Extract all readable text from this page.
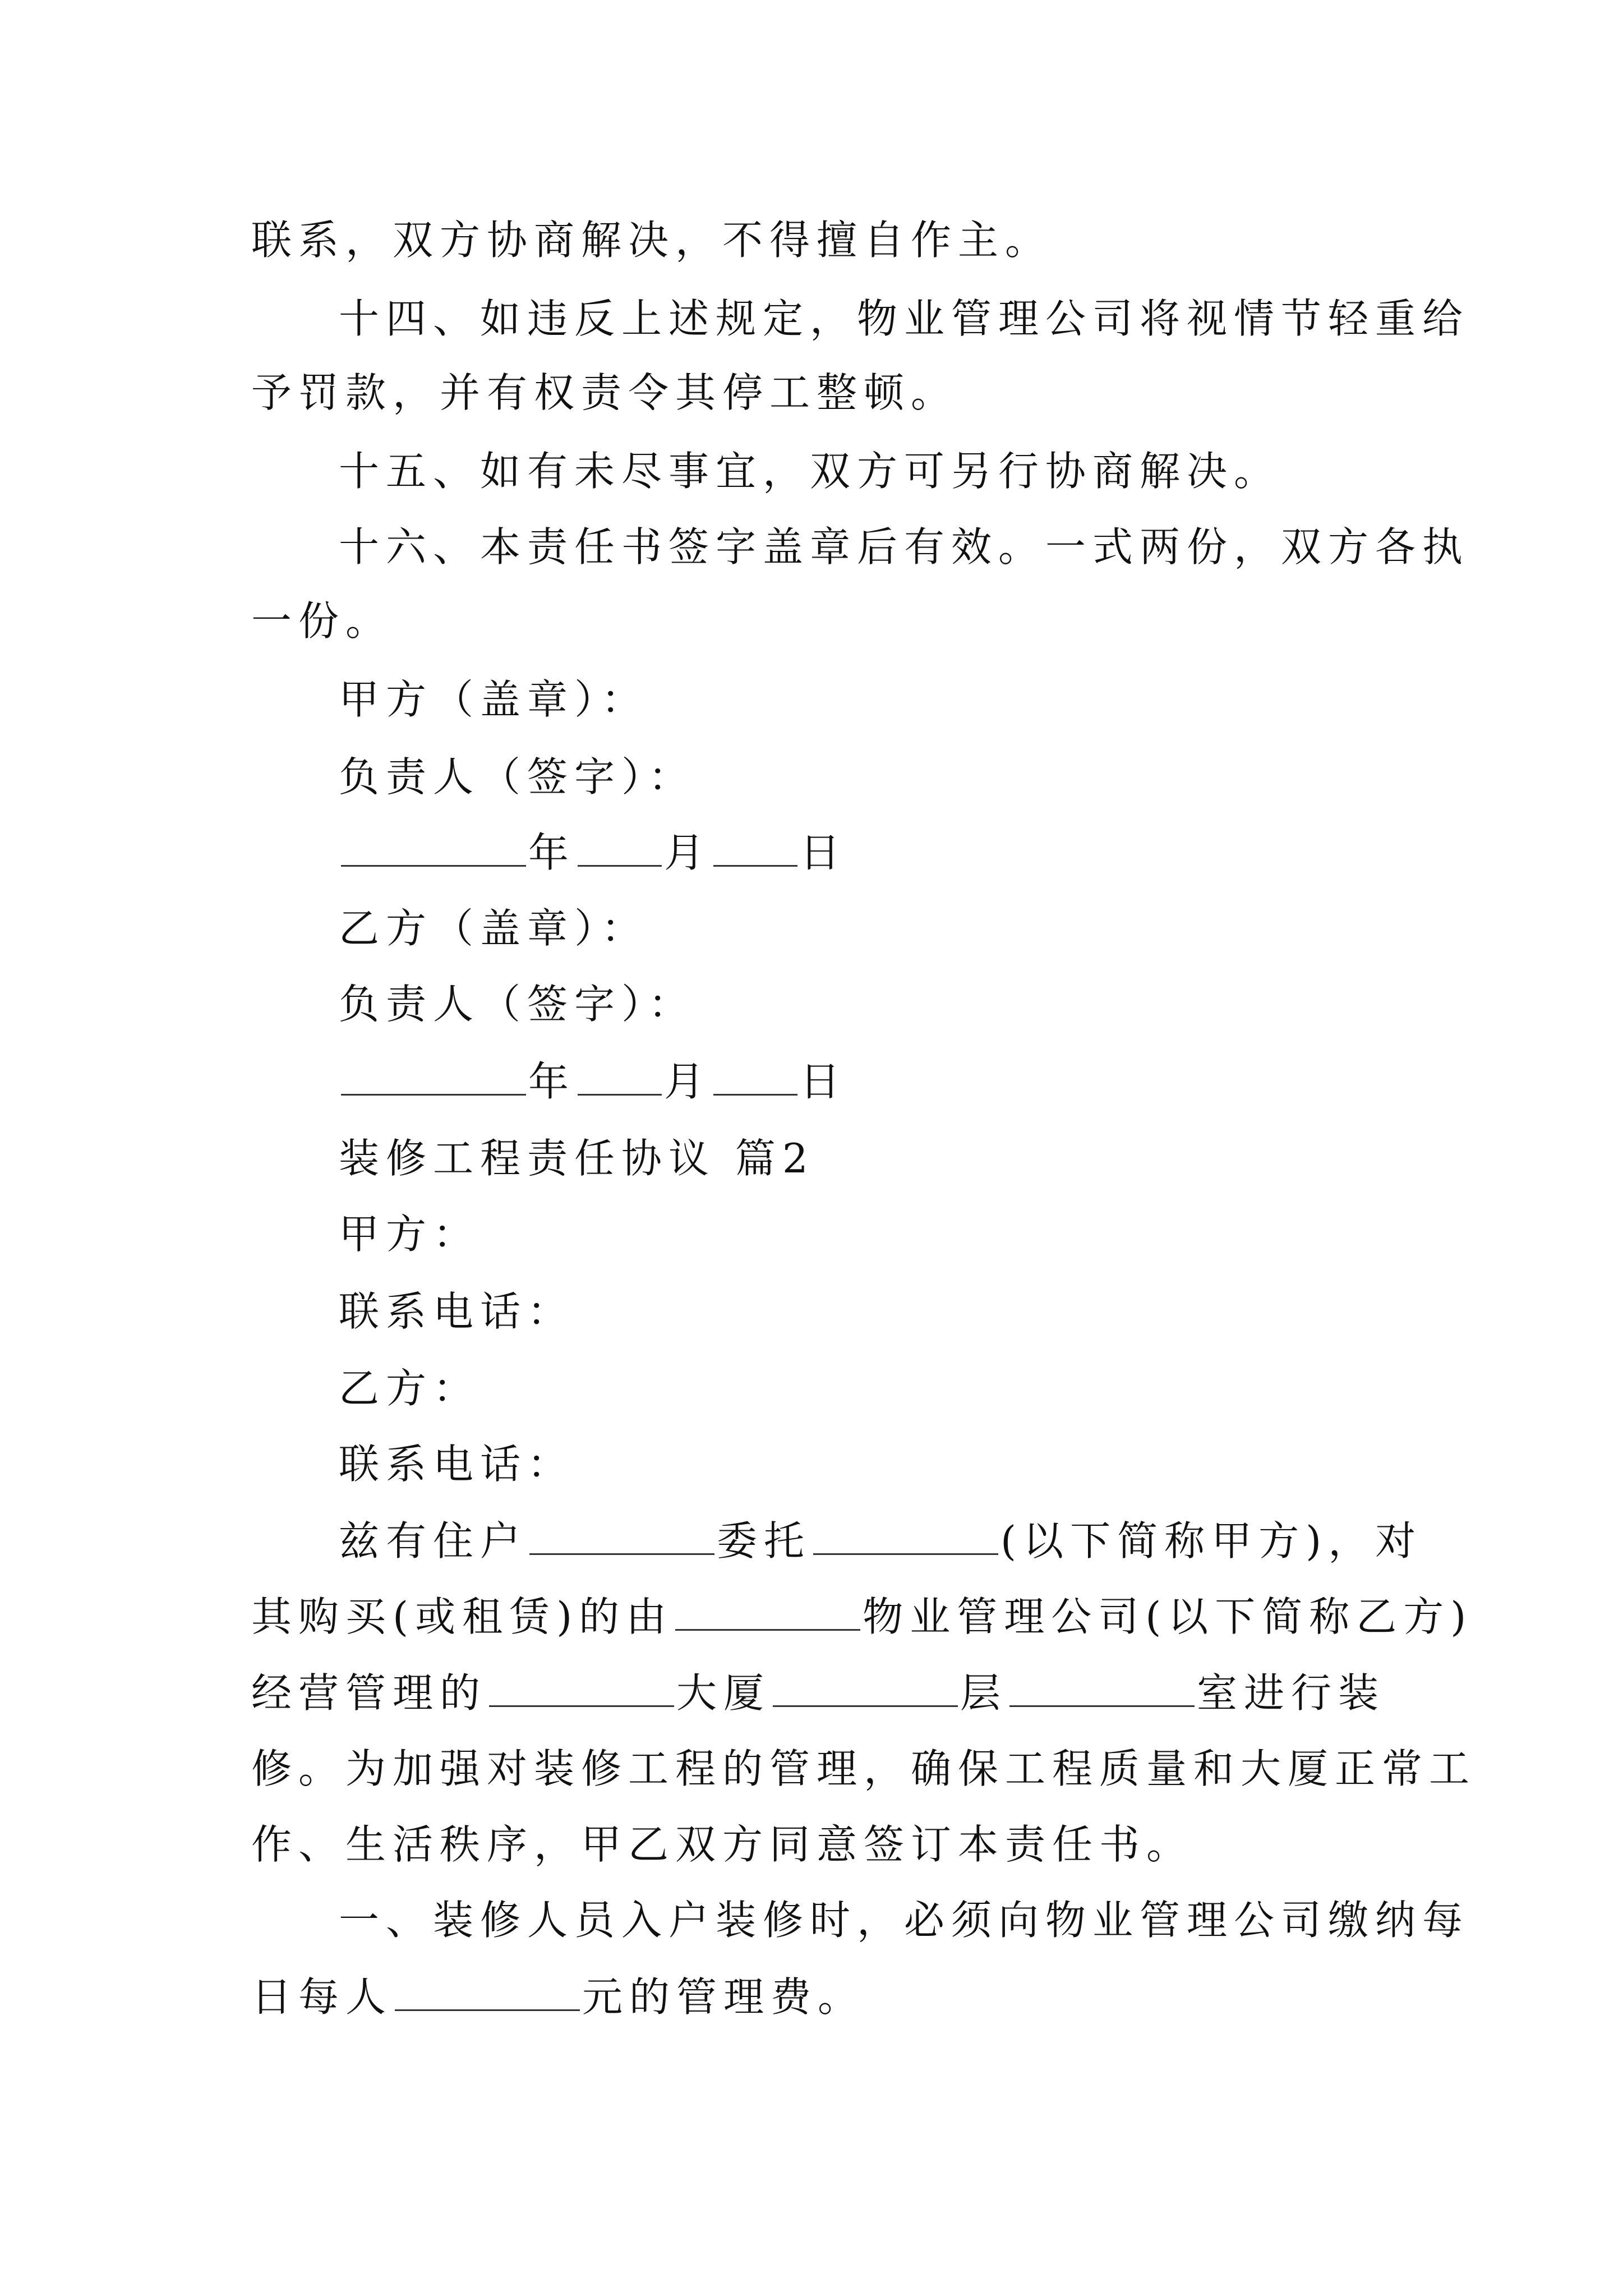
联系，双方协商解决，不得擅自作主。
十四、如违反上述规定，物业管理公司将视情节轻重给
予罚款，并有权责令其停工整顿。
十五、如有未尽事宜，双方可另行协商解决。
十六、本责任书签字盖章后有效。一式两份，双方各执
一份。
甲方（盖章）：
负责人（签字）：
年 月 日
乙方（盖章）：
负责人（签字）：
年 月 日
装修工程责任协议 篇2
甲方：
联系电话：
乙方：
联系电话：
兹有住户	委托	(以下简称甲方)，对
其购买(或租赁)的由	物业管理公司(以下简称乙方)
经营管理的	大厦	层	室进行装
修。为加强对装修工程的管理，确保工程质量和大厦正常工
作、生活秩序，甲乙双方同意签订本责任书。
一、装修人员入户装修时，必须向物业管理公司缴纳每
日每人	元的管理费。
